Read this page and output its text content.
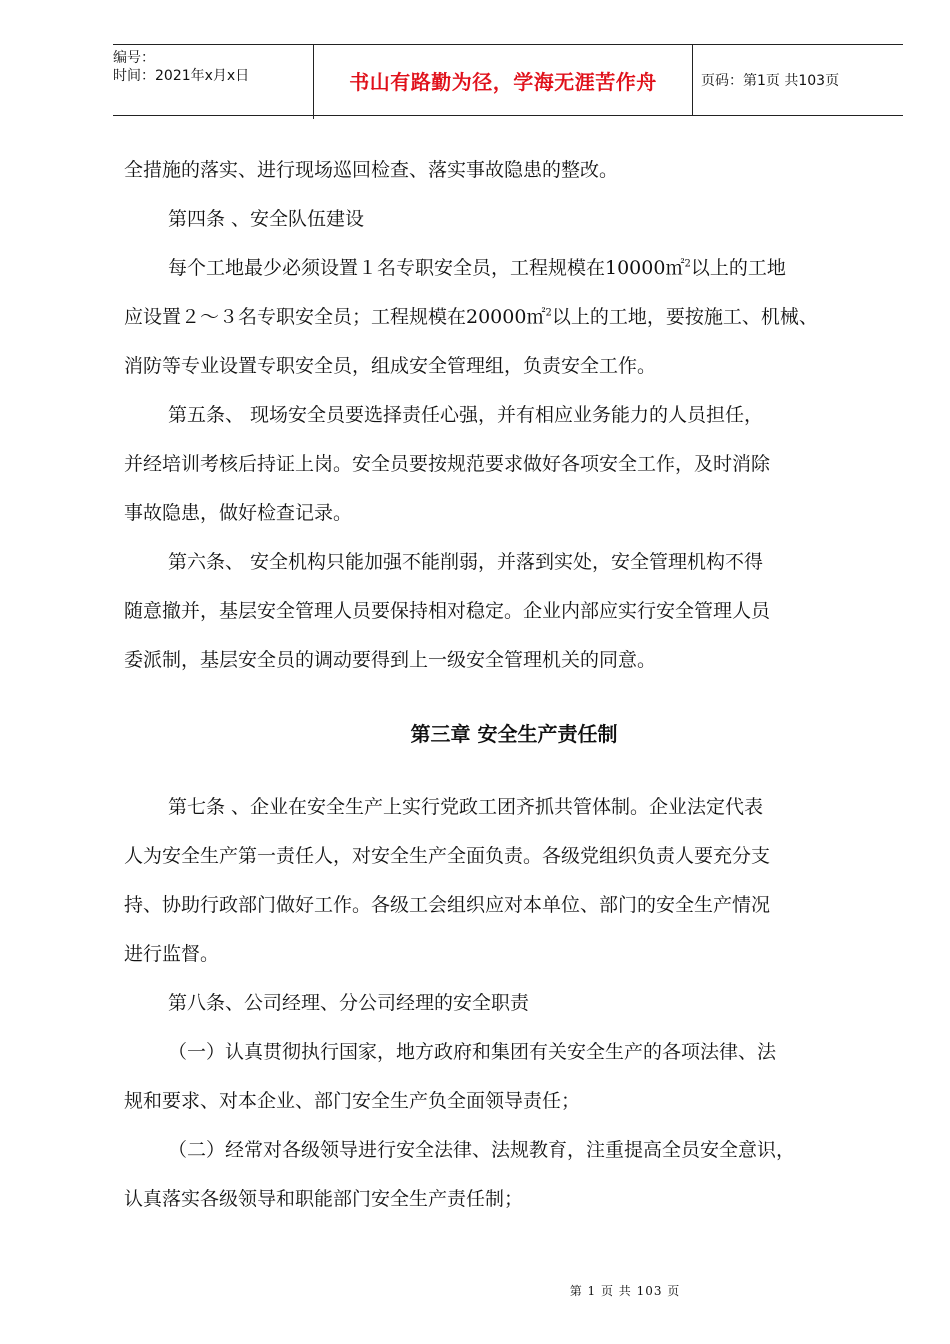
编号：
时间：2021年x月x日	书山有路勤为径，学海无涯苦作舟	页码：第1页 共103页
全措施的落实、进行现场巡回检查、落实事故隐患的整改。
第四条 、安全队伍建设
每个工地最少必须设置１名专职安全员，工程规模在10000㎡$^2$以上的工地
应设置２～３名专职安全员；工程规模在20000㎡$^2$以上的工地，要按施工、机械、
消防等专业设置专职安全员，组成安全管理组，负责安全工作。
第五条、 现场安全员要选择责任心强，并有相应业务能力的人员担任，
并经培训考核后持证上岗。安全员要按规范要求做好各项安全工作，及时消除
事故隐患，做好检查记录。
第六条、 安全机构只能加强不能削弱，并落到实处，安全管理机构不得
随意撤并，基层安全管理人员要保持相对稳定。企业内部应实行安全管理人员
委派制，基层安全员的调动要得到上一级安全管理机关的同意。
第三章 安全生产责任制
第七条 、企业在安全生产上实行党政工团齐抓共管体制。企业法定代表
人为安全生产第一责任人，对安全生产全面负责。各级党组织负责人要充分支
持、协助行政部门做好工作。各级工会组织应对本单位、部门的安全生产情况
进行监督。
第八条、公司经理、分公司经理的安全职责
（一）认真贯彻执行国家，地方政府和集团有关安全生产的各项法律、法
规和要求、对本企业、部门安全生产负全面领导责任；
（二）经常对各级领导进行安全法律、法规教育，注重提高全员安全意识，
认真落实各级领导和职能部门安全生产责任制；
第 1 页 共 103 页
